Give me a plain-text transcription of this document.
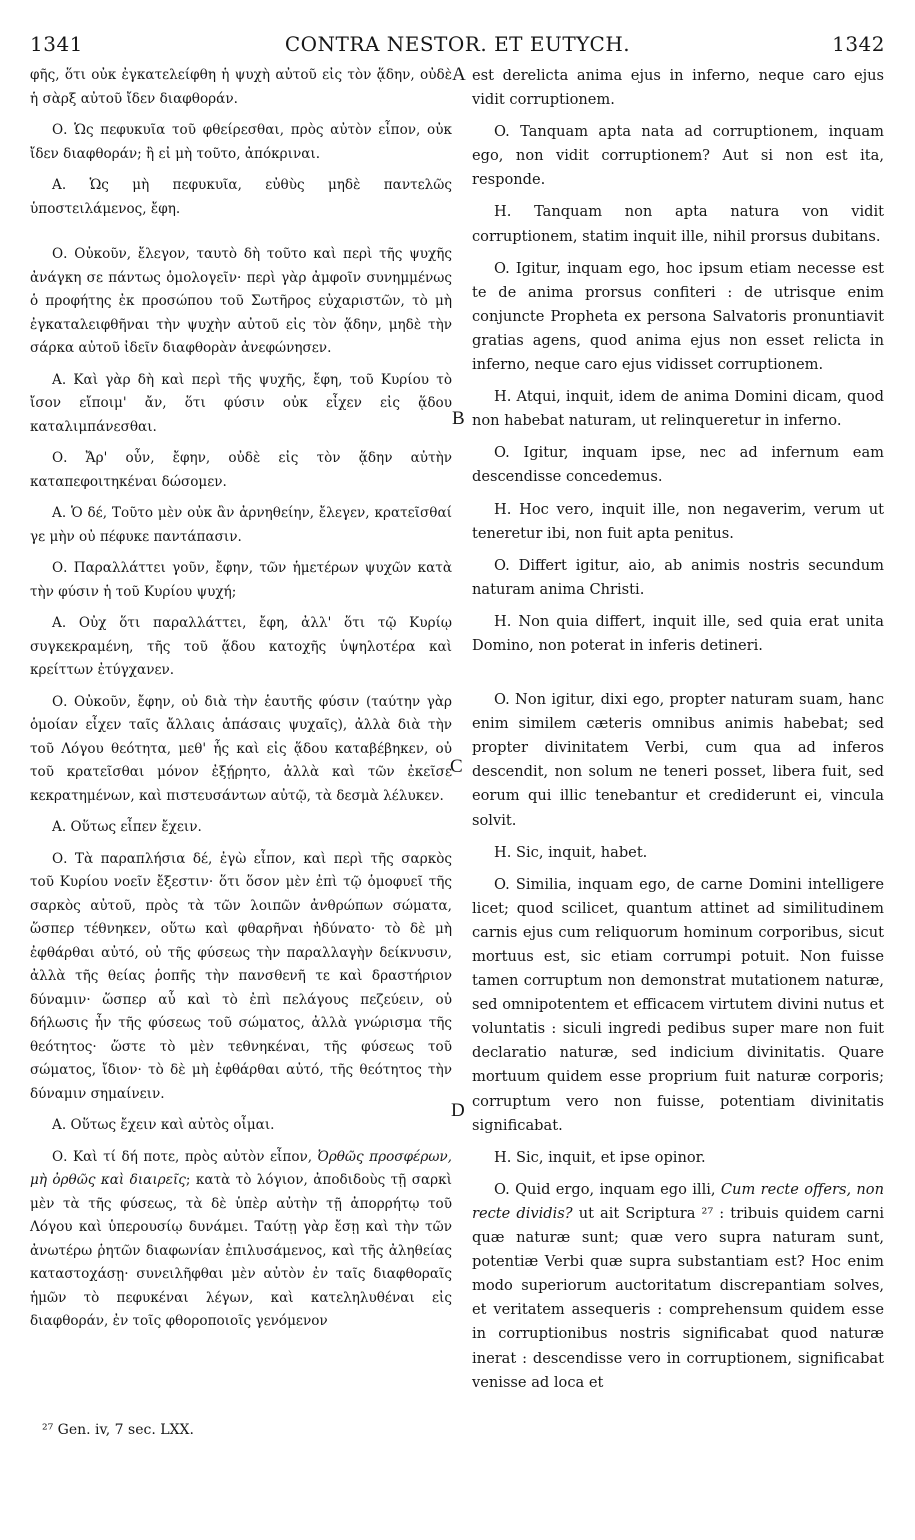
1341	CONTRA NESTOR. ET EUTYCH.	1342
A
B
C
D

φῆς, ὅτι οὐκ ἐγκατελείφθη ἡ ψυχὴ αὐτοῦ εἰς τὸν ᾅδην, οὐδὲ ἡ σὰρξ αὐτοῦ ἴδεν διαφθοράν.

Ο. Ὡς πεφυκυῖα τοῦ φθείρεσθαι, πρὸς αὐτὸν εἶπον, οὐκ ἴδεν διαφθοράν; ἢ εἰ μὴ τοῦτο, ἀπόκριναι.

Α. Ὡς μὴ πεφυκυῖα, εὐθὺς μηδὲ παντελῶς ὑποστειλάμενος, ἔφη.

Ο. Οὐκοῦν, ἔλεγον, ταυτὸ δὴ τοῦτο καὶ περὶ τῆς ψυχῆς ἀνάγκη σε πάντως ὁμολογεῖν· περὶ γὰρ ἀμφοῖν συνημμένως ὁ προφήτης ἐκ προσώπου τοῦ Σωτῆρος εὐχαριστῶν, τὸ μὴ ἐγκαταλειφθῆναι τὴν ψυχὴν αὐτοῦ εἰς τὸν ᾅδην, μηδὲ τὴν σάρκα αὐτοῦ ἰδεῖν διαφθορὰν ἀνεφώνησεν.

Α. Καὶ γὰρ δὴ καὶ περὶ τῆς ψυχῆς, ἔφη, τοῦ Κυρίου τὸ ἴσον εἴποιμ' ἄν, ὅτι φύσιν οὐκ εἶχεν εἰς ᾅδου καταλιμπάνεσθαι.

Ο. Ἄρ' οὖν, ἔφην, οὐδὲ εἰς τὸν ᾅδην αὐτὴν καταπεφοιτηκέναι δώσομεν.

Α. Ὁ δέ, Τοῦτο μὲν οὐκ ἂν ἀρνηθείην, ἔλεγεν, κρατεῖσθαί γε μὴν οὐ πέφυκε παντάπασιν.

Ο. Παραλλάττει γοῦν, ἔφην, τῶν ἡμετέρων ψυχῶν κατὰ τὴν φύσιν ἡ τοῦ Κυρίου ψυχή;

Α. Οὐχ ὅτι παραλλάττει, ἔφη, ἀλλ' ὅτι τῷ Κυρίῳ συγκεκραμένη, τῆς τοῦ ᾅδου κατοχῆς ὑψηλοτέρα καὶ κρείττων ἐτύγχανεν.

Ο. Οὐκοῦν, ἔφην, οὐ διὰ τὴν ἑαυτῆς φύσιν (ταύτην γὰρ ὁμοίαν εἶχεν ταῖς ἄλλαις ἁπάσαις ψυχαῖς), ἀλλὰ διὰ τὴν τοῦ Λόγου θεότητα, μεθ' ἧς καὶ εἰς ᾅδου καταβέβηκεν, οὐ τοῦ κρατεῖσθαι μόνον ἐξῄρητο, ἀλλὰ καὶ τῶν ἐκεῖσε κεκρατημένων, καὶ πιστευσάντων αὐτῷ, τὰ δεσμὰ λέλυκεν.

Α. Οὕτως εἶπεν ἔχειν.

Ο. Τὰ παραπλήσια δέ, ἐγὼ εἶπον, καὶ περὶ τῆς σαρκὸς τοῦ Κυρίου νοεῖν ἔξεστιν· ὅτι ὅσον μὲν ἐπὶ τῷ ὁμοφυεῖ τῆς σαρκὸς αὐτοῦ, πρὸς τὰ τῶν λοιπῶν ἀνθρώπων σώματα, ὥσπερ τέθνηκεν, οὕτω καὶ φθαρῆναι ἠδύνατο· τὸ δὲ μὴ ἐφθάρθαι αὐτό, οὐ τῆς φύσεως τὴν παραλλαγὴν δείκνυσιν, ἀλλὰ τῆς θείας ῥοπῆς τὴν πανσθενῆ τε καὶ δραστήριον δύναμιν· ὥσπερ αὖ καὶ τὸ ἐπὶ πελάγους πεζεύειν, οὐ δήλωσις ἦν τῆς φύσεως τοῦ σώματος, ἀλλὰ γνώρισμα τῆς θεότητος· ὥστε τὸ μὲν τεθνηκέναι, τῆς φύσεως τοῦ σώματος, ἴδιον· τὸ δὲ μὴ ἐφθάρθαι αὐτό, τῆς θεότητος τὴν δύναμιν σημαίνειν.

Α. Οὕτως ἔχειν καὶ αὐτὸς οἶμαι.

Ο. Καὶ τί δή ποτε, πρὸς αὐτὸν εἶπον, Ὀρθῶς προσφέρων, μὴ ὀρθῶς καὶ διαιρεῖς; κατὰ τὸ λόγιον, ἀποδιδοὺς τῇ σαρκὶ μὲν τὰ τῆς φύσεως, τὰ δὲ ὑπὲρ αὐτὴν τῇ ἀπορρήτῳ τοῦ Λόγου καὶ ὑπερουσίῳ δυνάμει. Ταύτῃ γὰρ ἔσῃ καὶ τὴν τῶν ἀνωτέρω ῥητῶν διαφωνίαν ἐπιλυσάμενος, καὶ τῆς ἀληθείας καταστοχάσῃ· συνειλῆφθαι μὲν αὐτὸν ἐν ταῖς διαφθοραῖς ἡμῶν τὸ πεφυκέναι λέγων, καὶ κατεληλυθέναι εἰς διαφθοράν, ἐν τοῖς φθοροποιοῖς γενόμενον

est derelicta anima ejus in inferno, neque caro ejus vidit corruptionem.

O. Tanquam apta nata ad corruptionem, inquam ego, non vidit corruptionem? Aut si non est ita, responde.

H. Tanquam non apta natura von vidit corruptionem, statim inquit ille, nihil prorsus dubitans.

O. Igitur, inquam ego, hoc ipsum etiam necesse est te de anima prorsus confiteri : de utrisque enim conjuncte Propheta ex persona Salvatoris pronuntiavit gratias agens, quod anima ejus non esset relicta in inferno, neque caro ejus vidisset corruptionem.

H. Atqui, inquit, idem de anima Domini dicam, quod non habebat naturam, ut relinqueretur in inferno.

O. Igitur, inquam ipse, nec ad infernum eam descendisse concedemus.

H. Hoc vero, inquit ille, non negaverim, verum ut teneretur ibi, non fuit apta penitus.

O. Differt igitur, aio, ab animis nostris secundum naturam anima Christi.

H. Non quia differt, inquit ille, sed quia erat unita Domino, non poterat in inferis detineri.

O. Non igitur, dixi ego, propter naturam suam, hanc enim similem cæteris omnibus animis habebat; sed propter divinitatem Verbi, cum qua ad inferos descendit, non solum ne teneri posset, libera fuit, sed eorum qui illic tenebantur et crediderunt ei, vincula solvit.

H. Sic, inquit, habet.

O. Similia, inquam ego, de carne Domini intelligere licet; quod scilicet, quantum attinet ad similitudinem carnis ejus cum reliquorum hominum corporibus, sicut mortuus est, sic etiam corrumpi potuit. Non fuisse tamen corruptum non demonstrat mutationem naturæ, sed omnipotentem et efficacem virtutem divini nutus et voluntatis : siculi ingredi pedibus super mare non fuit declaratio naturæ, sed indicium divinitatis. Quare mortuum quidem esse proprium fuit naturæ corporis; corruptum vero non fuisse, potentiam divinitatis significabat.

H. Sic, inquit, et ipse opinor.

O. Quid ergo, inquam ego illi, Cum recte offers, non recte dividis? ut ait Scriptura ²⁷ : tribuis quidem carni quæ naturæ sunt; quæ vero supra naturam sunt, potentiæ Verbi quæ supra substantiam est? Hoc enim modo superiorum auctoritatum discrepantiam solves, et veritatem assequeris : comprehensum quidem esse in corruptionibus nostris significabat quod naturæ inerat : descendisse vero in corruptionem, significabat venisse ad loca et

²⁷ Gen. iv, 7 sec. LXX.
